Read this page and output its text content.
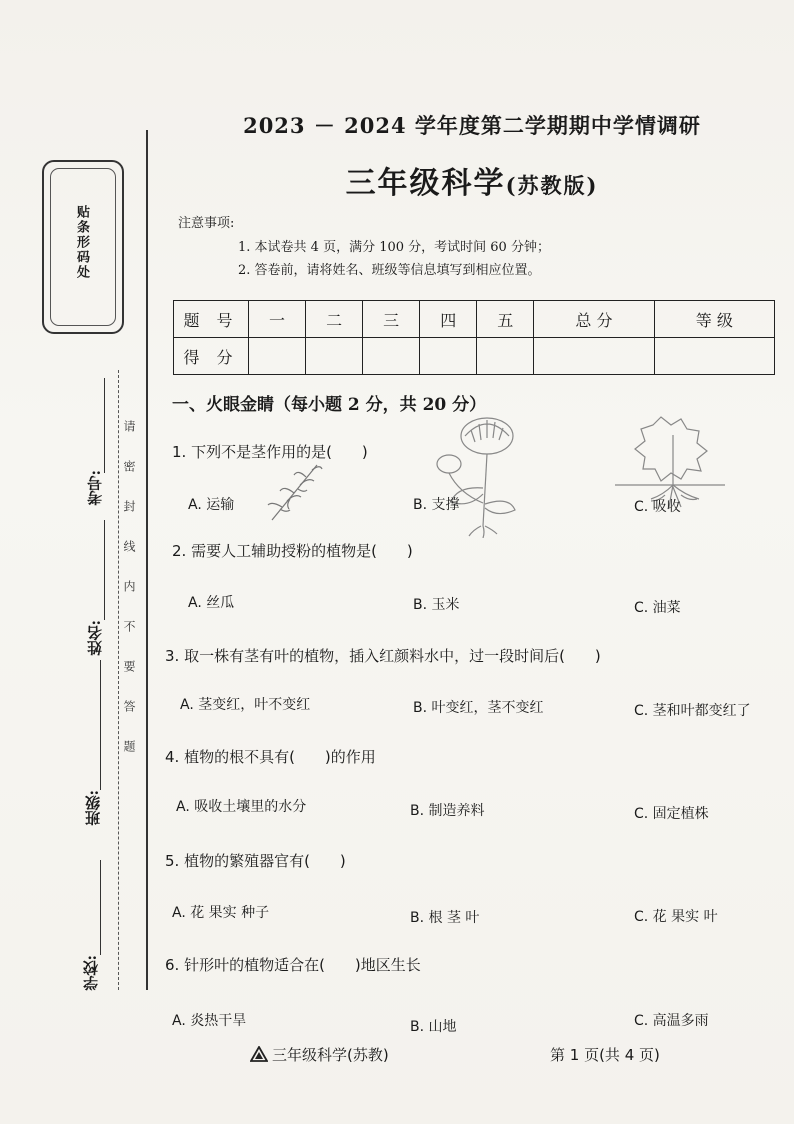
贴条形码处
请密封线内不要答题
考号:
姓名:
班级:
学校:
2023 － 2024 学年度第二学期期中学情调研
三年级科学(苏教版)
注意事项:
1. 本试卷共 4 页，满分 100 分，考试时间 60 分钟；
2. 答卷前，请将姓名、班级等信息填写到相应位置。
题 号	一	二	三	四	五	总 分	等 级
得 分							
一、火眼金睛（每小题 2 分，共 20 分）
1. 下列不是茎作用的是(　　)
A. 运输	B. 支撑	C. 吸收
2. 需要人工辅助授粉的植物是(　　)
A. 丝瓜	B. 玉米	C. 油菜
3. 取一株有茎有叶的植物，插入红颜料水中，过一段时间后(　　)
A. 茎变红，叶不变红	B. 叶变红，茎不变红	C. 茎和叶都变红了
4. 植物的根不具有(　　)的作用
A. 吸收土壤里的水分	B. 制造养料	C. 固定植株
5. 植物的繁殖器官有(　　)
A. 花 果实 种子	B. 根 茎 叶	C. 花 果实 叶
6. 针形叶的植物适合在(　　)地区生长
A. 炎热干旱	B. 山地	C. 高温多雨
三年级科学(苏教)	第 1 页(共 4 页)
